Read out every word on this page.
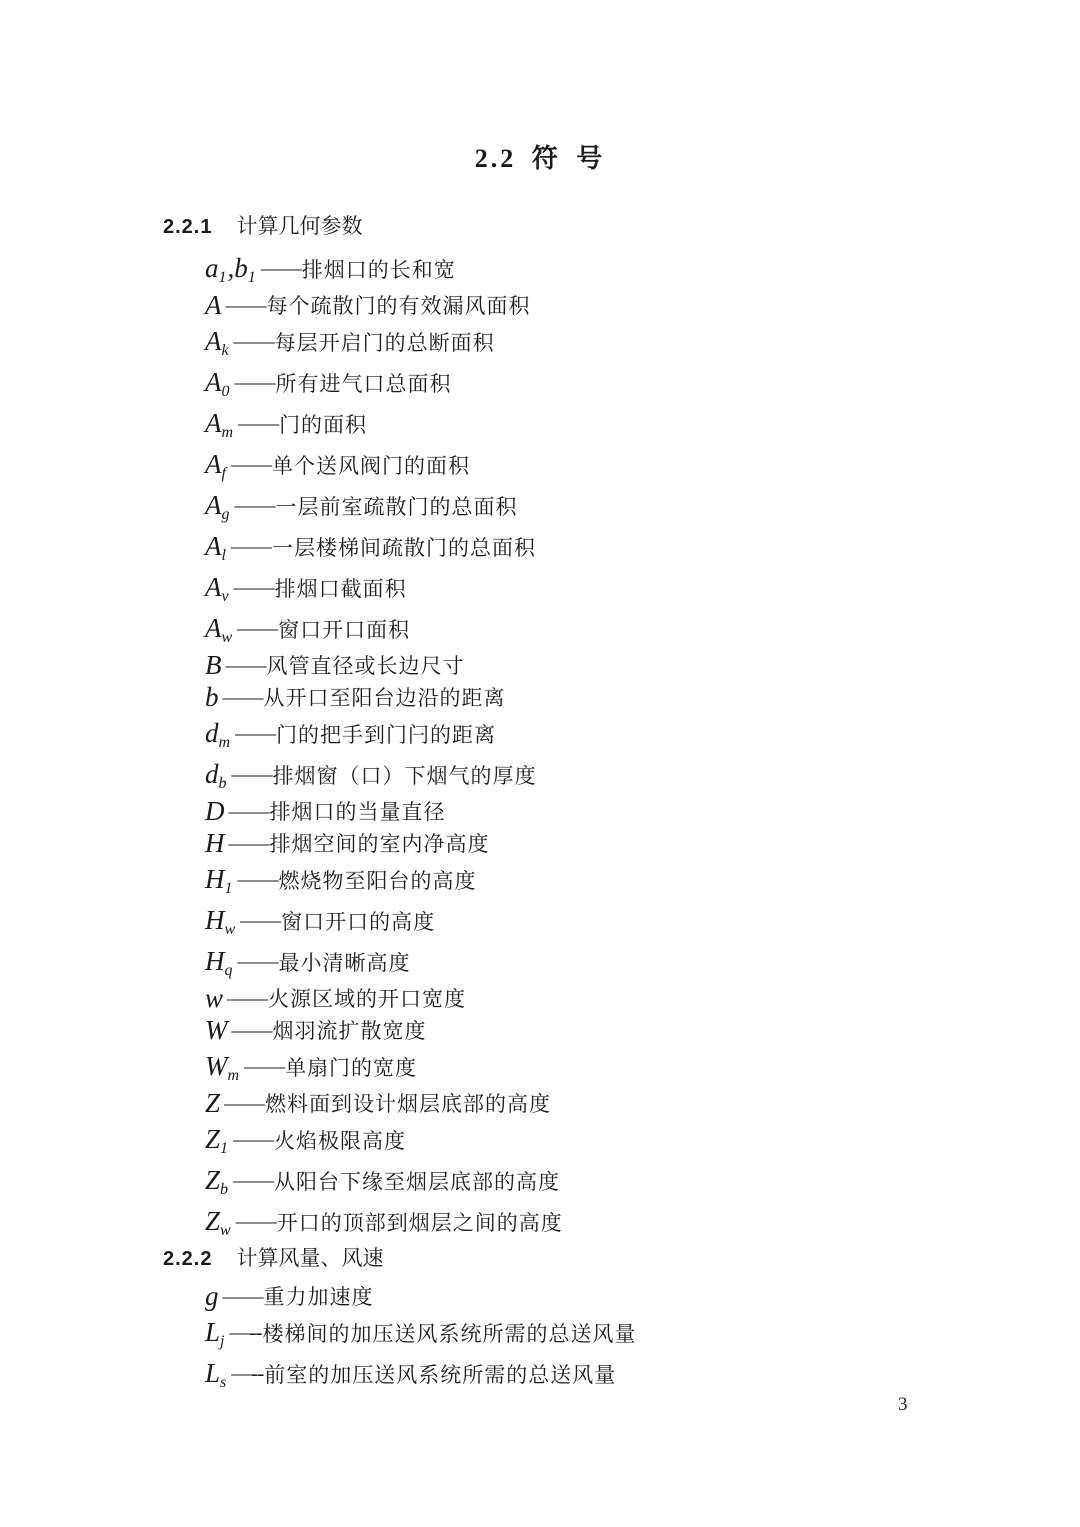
2.2 符 号
2.2.1 计算几何参数
$a_1,b_1$ —— 排烟口的长和宽
A —— 每个疏散门的有效漏风面积
$A_k$ —— 每层开启门的总断面积
$A_0$ —— 所有进气口总面积
$A_m$ —— 门的面积
$A_f$ —— 单个送风阀门的面积
$A_g$ —— 一层前室疏散门的总面积
$A_l$ —— 一层楼梯间疏散门的总面积
$A_v$ —— 排烟口截面积
$A_w$ —— 窗口开口面积
B —— 风管直径或长边尺寸
b —— 从开口至阳台边沿的距离
$d_m$ —— 门的把手到门闩的距离
$d_b$ —— 排烟窗（口）下烟气的厚度
D —— 排烟口的当量直径
H —— 排烟空间的室内净高度
$H_1$ —— 燃烧物至阳台的高度
$H_w$ —— 窗口开口的高度
$H_q$ —— 最小清晰高度
w —— 火源区域的开口宽度
W —— 烟羽流扩散宽度
$W_m$ —— 单扇门的宽度
Z —— 燃料面到设计烟层底部的高度
$Z_1$ —— 火焰极限高度
$Z_b$ —— 从阳台下缘至烟层底部的高度
$Z_w$ —— 开口的顶部到烟层之间的高度
2.2.2 计算风量、风速
g —— 重力加速度
$L_j$ —-- 楼梯间的加压送风系统所需的总送风量
$L_s$ —-- 前室的加压送风系统所需的总送风量
3
